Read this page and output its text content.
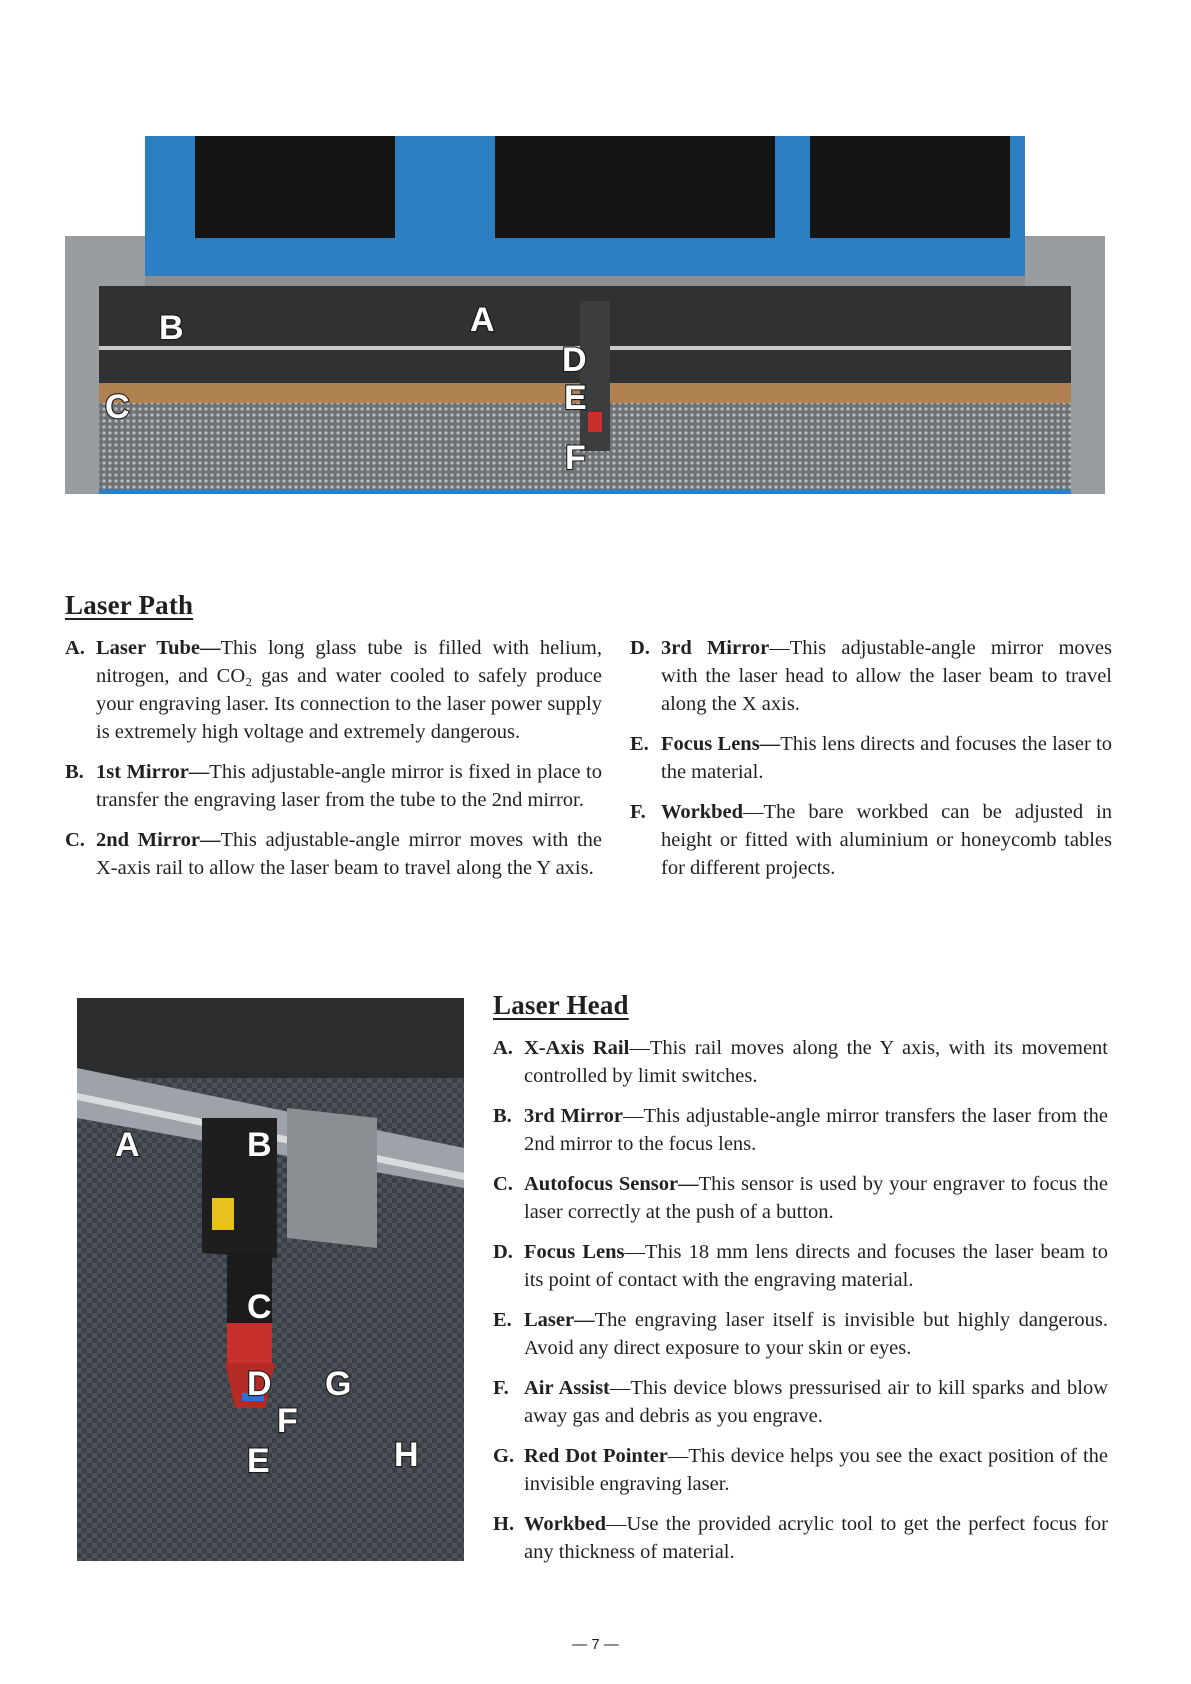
A
B
C
D
E
F
Laser Path
A. Laser Tube—This long glass tube is filled with helium, nitrogen, and CO₂ gas and water cooled to safely produce your engraving laser. Its connection to the laser power supply is extremely high voltage and extremely dangerous.
B. 1st Mirror—This adjustable-angle mirror is fixed in place to transfer the engraving laser from the tube to the 2nd mirror.
C. 2nd Mirror—This adjustable-angle mirror moves with the X-axis rail to allow the laser beam to travel along the Y axis.
D. 3rd Mirror—This adjustable-angle mirror moves with the laser head to allow the laser beam to travel along the X axis.
E. Focus Lens—This lens directs and focuses the laser to the material.
F. Workbed—The bare workbed can be adjusted in height or fitted with aluminium or honeycomb tables for different projects.
A	B
C
D
E
F
G
H
Laser Head
A. X-Axis Rail—This rail moves along the Y axis, with its movement controlled by limit switches.
B. 3rd Mirror—This adjustable-angle mirror transfers the laser from the 2nd mirror to the focus lens.
C. Autofocus Sensor—This sensor is used by your engraver to focus the laser correctly at the push of a button.
D. Focus Lens—This 18 mm lens directs and focuses the laser beam to its point of contact with the engraving material.
E. Laser—The engraving laser itself is invisible but highly dangerous. Avoid any direct exposure to your skin or eyes.
F. Air Assist—This device blows pressurised air to kill sparks and blow away gas and debris as you engrave.
G. Red Dot Pointer—This device helps you see the exact position of the invisible engraving laser.
H. Workbed—Use the provided acrylic tool to get the perfect focus for any thickness of material.
— 7 —
